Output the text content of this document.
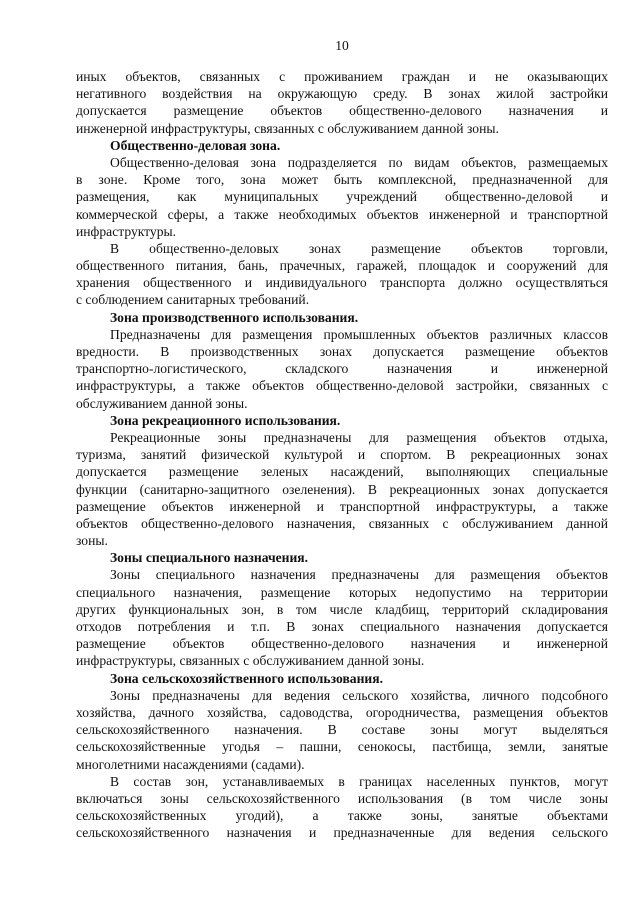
10
иных объектов, связанных с проживанием граждан и не оказывающих
негативного воздействия на окружающую среду. В зонах жилой застройки
допускается размещение объектов общественно-делового назначения и
инженерной инфраструктуры, связанных с обслуживанием данной зоны.
Общественно-деловая зона.
Общественно-деловая зона подразделяется по видам объектов, размещаемых
в зоне. Кроме того, зона может быть комплексной, предназначенной для
размещения, как муниципальных учреждений общественно-деловой и
коммерческой сферы, а также необходимых объектов инженерной и транспортной
инфраструктуры.
В общественно-деловых зонах размещение объектов торговли,
общественного питания, бань, прачечных, гаражей, площадок и сооружений для
хранения общественного и индивидуального транспорта должно осуществляться
с соблюдением санитарных требований.
Зона производственного использования.
Предназначены для размещения промышленных объектов различных классов
вредности. В производственных зонах допускается размещение объектов
транспортно-логистического, складского назначения и инженерной
инфраструктуры, а также объектов общественно-деловой застройки, связанных с
обслуживанием данной зоны.
Зона рекреационного использования.
Рекреационные зоны предназначены для размещения объектов отдыха,
туризма, занятий физической культурой и спортом. В рекреационных зонах
допускается размещение зеленых насаждений, выполняющих специальные
функции (санитарно-защитного озеленения). В рекреационных зонах допускается
размещение объектов инженерной и транспортной инфраструктуры, а также
объектов общественно-делового назначения, связанных с обслуживанием данной
зоны.
Зоны специального назначения.
Зоны специального назначения предназначены для размещения объектов
специального назначения, размещение которых недопустимо на территории
других функциональных зон, в том числе кладбищ, территорий складирования
отходов потребления и т.п. В зонах специального назначения допускается
размещение объектов общественно-делового назначения и инженерной
инфраструктуры, связанных с обслуживанием данной зоны.
Зона сельскохозяйственного использования.
Зоны предназначены для ведения сельского хозяйства, личного подсобного
хозяйства, дачного хозяйства, садоводства, огородничества, размещения объектов
сельскохозяйственного назначения. В составе зоны могут выделяться
сельскохозяйственные угодья – пашни, сенокосы, пастбища, земли, занятые
многолетними насаждениями (садами).
В состав зон, устанавливаемых в границах населенных пунктов, могут
включаться зоны сельскохозяйственного использования (в том числе зоны
сельскохозяйственных угодий), а также зоны, занятые объектами
сельскохозяйственного назначения и предназначенные для ведения сельского
